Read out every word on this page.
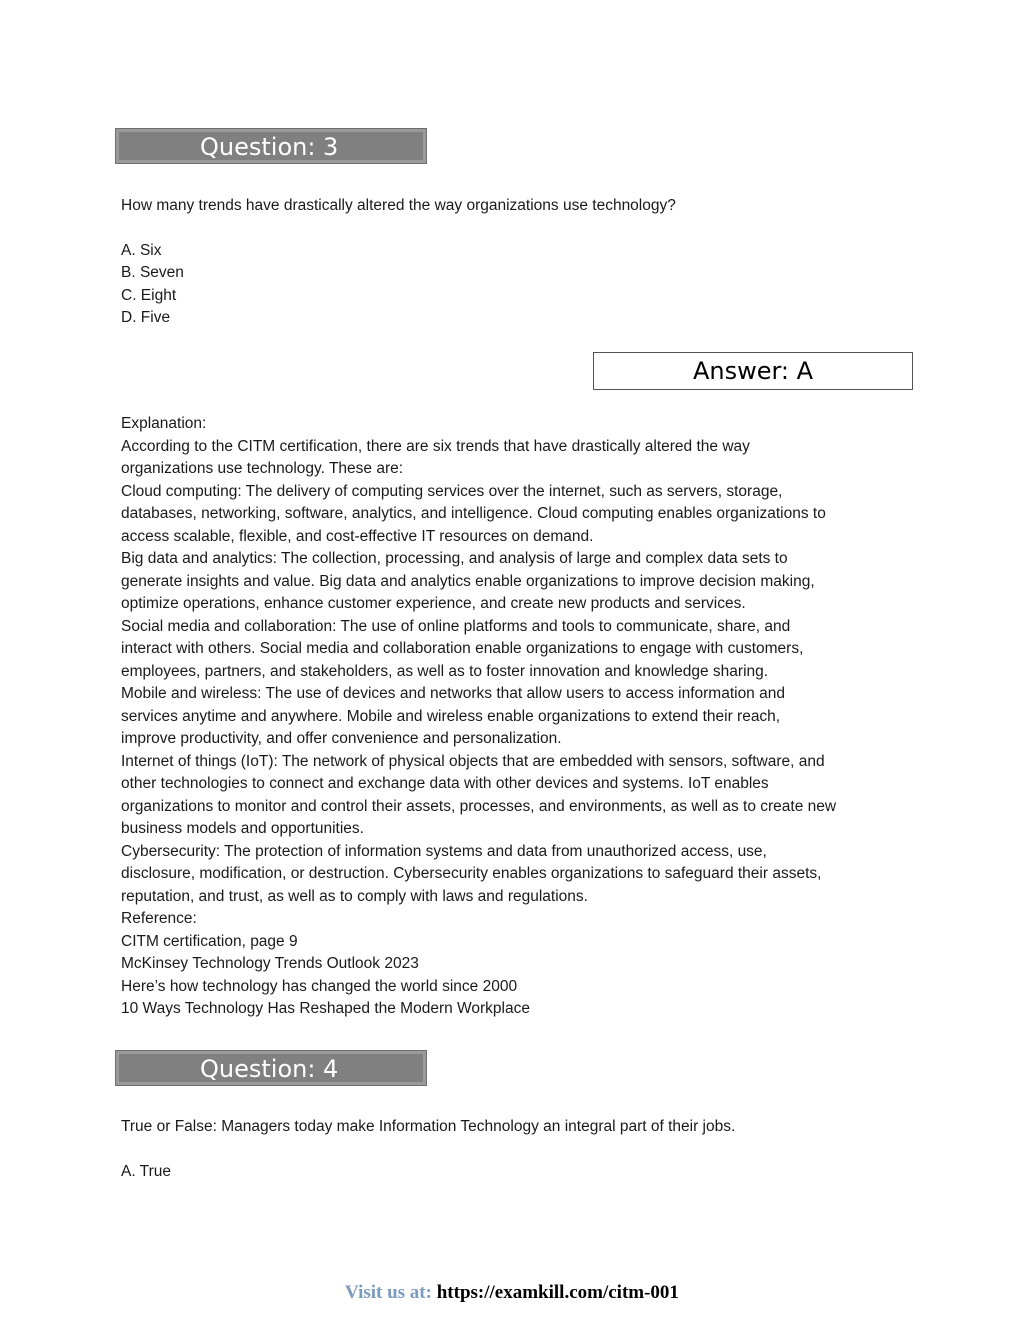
Question: 3
How many trends have drastically altered the way organizations use technology?
A. Six
B. Seven
C. Eight
D. Five
Answer: A
Explanation:
According to the CITM certification, there are six trends that have drastically altered the way
organizations use technology. These are:
Cloud computing: The delivery of computing services over the internet, such as servers, storage,
databases, networking, software, analytics, and intelligence. Cloud computing enables organizations to
access scalable, flexible, and cost-effective IT resources on demand.
Big data and analytics: The collection, processing, and analysis of large and complex data sets to
generate insights and value. Big data and analytics enable organizations to improve decision making,
optimize operations, enhance customer experience, and create new products and services.
Social media and collaboration: The use of online platforms and tools to communicate, share, and
interact with others. Social media and collaboration enable organizations to engage with customers,
employees, partners, and stakeholders, as well as to foster innovation and knowledge sharing.
Mobile and wireless: The use of devices and networks that allow users to access information and
services anytime and anywhere. Mobile and wireless enable organizations to extend their reach,
improve productivity, and offer convenience and personalization.
Internet of things (IoT): The network of physical objects that are embedded with sensors, software, and
other technologies to connect and exchange data with other devices and systems. IoT enables
organizations to monitor and control their assets, processes, and environments, as well as to create new
business models and opportunities.
Cybersecurity: The protection of information systems and data from unauthorized access, use,
disclosure, modification, or destruction. Cybersecurity enables organizations to safeguard their assets,
reputation, and trust, as well as to comply with laws and regulations.
Reference:
CITM certification, page 9
McKinsey Technology Trends Outlook 2023
Here’s how technology has changed the world since 2000
10 Ways Technology Has Reshaped the Modern Workplace
Question: 4
True or False: Managers today make Information Technology an integral part of their jobs.
A. True
Visit us at: https://examkill.com/citm-001
